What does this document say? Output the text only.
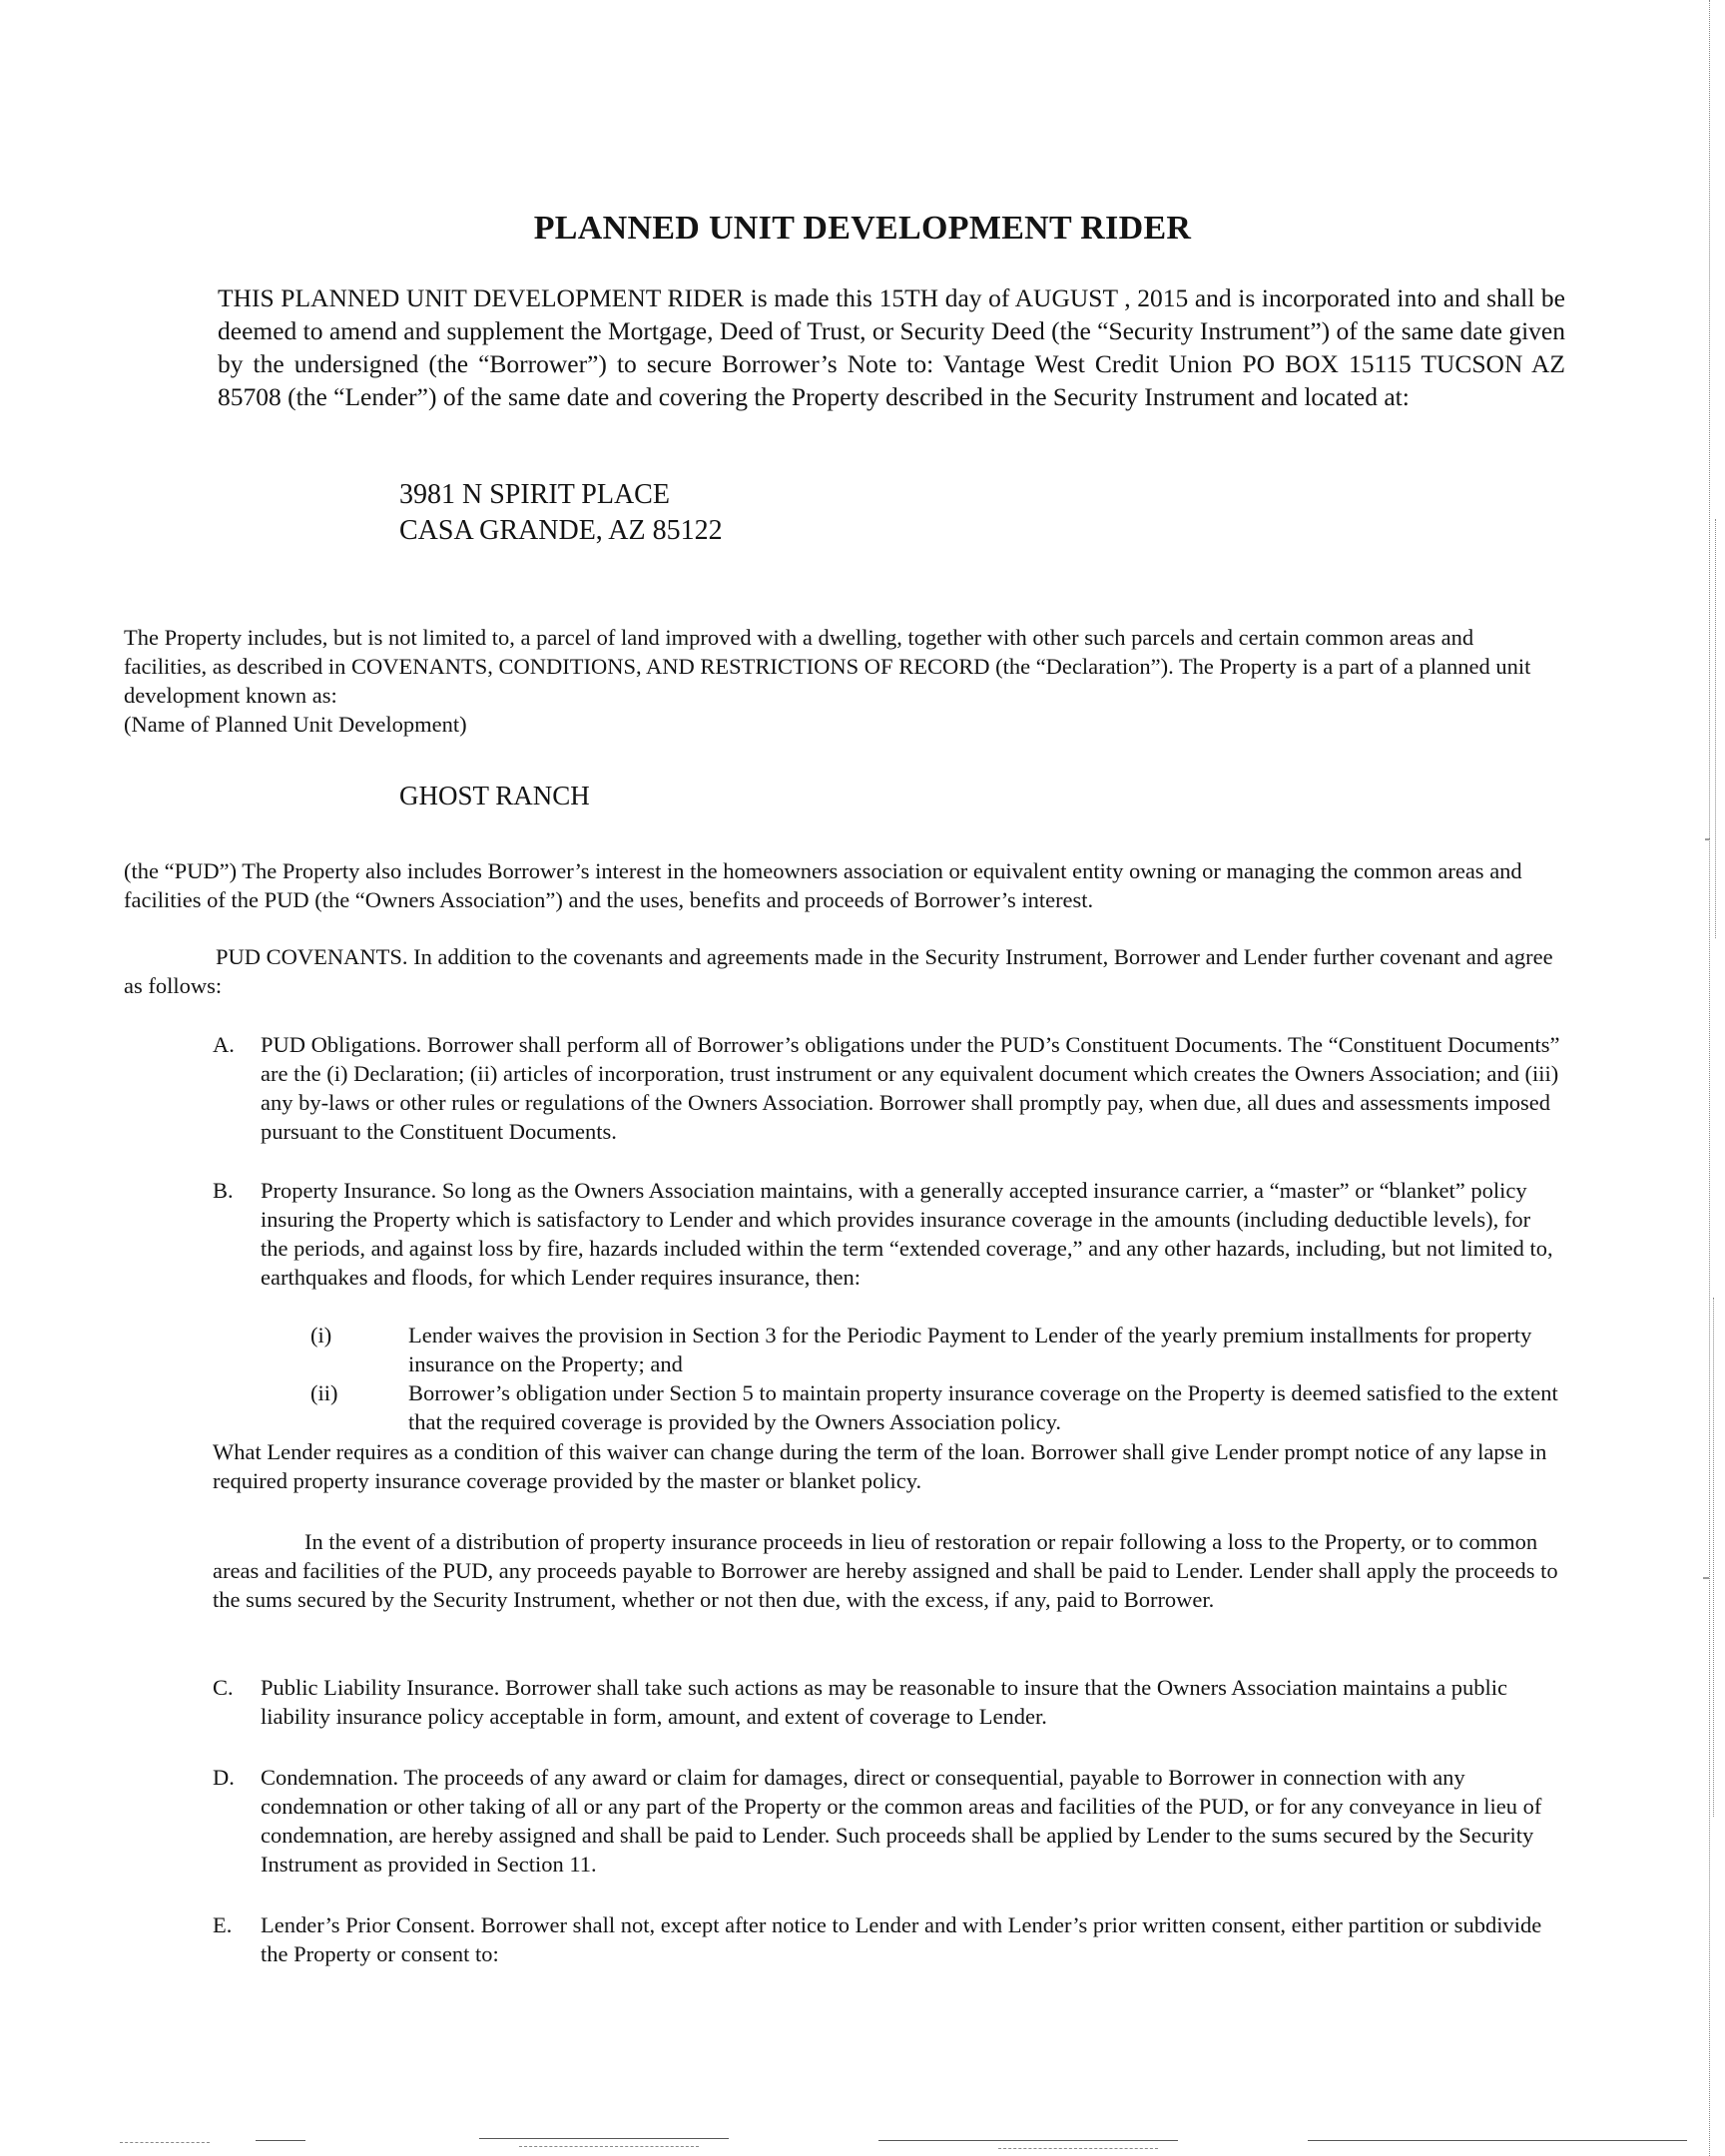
PLANNED UNIT DEVELOPMENT RIDER

THIS PLANNED UNIT DEVELOPMENT RIDER is made this 15TH day of AUGUST , 2015 and is incorporated into and shall be deemed to amend and supplement the Mortgage, Deed of Trust, or Security Deed (the “Security Instrument”) of the same date given by the undersigned (the “Borrower”) to secure Borrower’s Note to: Vantage West Credit Union PO BOX 15115 TUCSON AZ 85708 (the “Lender”) of the same date and covering the Property described in the Security Instrument and located at:

3981 N SPIRIT PLACE
CASA GRANDE, AZ 85122
The Property includes, but is not limited to, a parcel of land improved with a dwelling, together with other such parcels and certain common areas and facilities, as described in COVENANTS, CONDITIONS, AND RESTRICTIONS OF RECORD (the “Declaration”). The Property is a part of a planned unit development known as:
(Name of Planned Unit Development)
GHOST RANCH

(the “PUD”) The Property also includes Borrower’s interest in the homeowners association or equivalent entity owning or managing the common areas and facilities of the PUD (the “Owners Association”) and the uses, benefits and proceeds of Borrower’s interest.

PUD COVENANTS. In addition to the covenants and agreements made in the Security Instrument, Borrower and Lender further covenant and agree as follows:

A. PUD Obligations. Borrower shall perform all of Borrower’s obligations under the PUD’s Constituent Documents. The “Constituent Documents” are the (i) Declaration; (ii) articles of incorporation, trust instrument or any equivalent document which creates the Owners Association; and (iii) any by-laws or other rules or regulations of the Owners Association. Borrower shall promptly pay, when due, all dues and assessments imposed pursuant to the Constituent Documents.
B. Property Insurance. So long as the Owners Association maintains, with a generally accepted insurance carrier, a “master” or “blanket” policy insuring the Property which is satisfactory to Lender and which provides insurance coverage in the amounts (including deductible levels), for the periods, and against loss by fire, hazards included within the term “extended coverage,” and any other hazards, including, but not limited to, earthquakes and floods, for which Lender requires insurance, then:
(i)	Lender waives the provision in Section 3 for the Periodic Payment to Lender of the yearly premium installments for property insurance on the Property; and
(ii)	Borrower’s obligation under Section 5 to maintain property insurance coverage on the Property is deemed satisfied to the extent that the required coverage is provided by the Owners Association policy.

What Lender requires as a condition of this waiver can change during the term of the loan. Borrower shall give Lender prompt notice of any lapse in required property insurance coverage provided by the master or blanket policy.

In the event of a distribution of property insurance proceeds in lieu of restoration or repair following a loss to the Property, or to common areas and facilities of the PUD, any proceeds payable to Borrower are hereby assigned and shall be paid to Lender. Lender shall apply the proceeds to the sums secured by the Security Instrument, whether or not then due, with the excess, if any, paid to Borrower.

C. Public Liability Insurance. Borrower shall take such actions as may be reasonable to insure that the Owners Association maintains a public liability insurance policy acceptable in form, amount, and extent of coverage to Lender.
D. Condemnation. The proceeds of any award or claim for damages, direct or consequential, payable to Borrower in connection with any condemnation or other taking of all or any part of the Property or the common areas and facilities of the PUD, or for any conveyance in lieu of condemnation, are hereby assigned and shall be paid to Lender. Such proceeds shall be applied by Lender to the sums secured by the Security Instrument as provided in Section 11.
E. Lender’s Prior Consent. Borrower shall not, except after notice to Lender and with Lender’s prior written consent, either partition or subdivide the Property or consent to:
